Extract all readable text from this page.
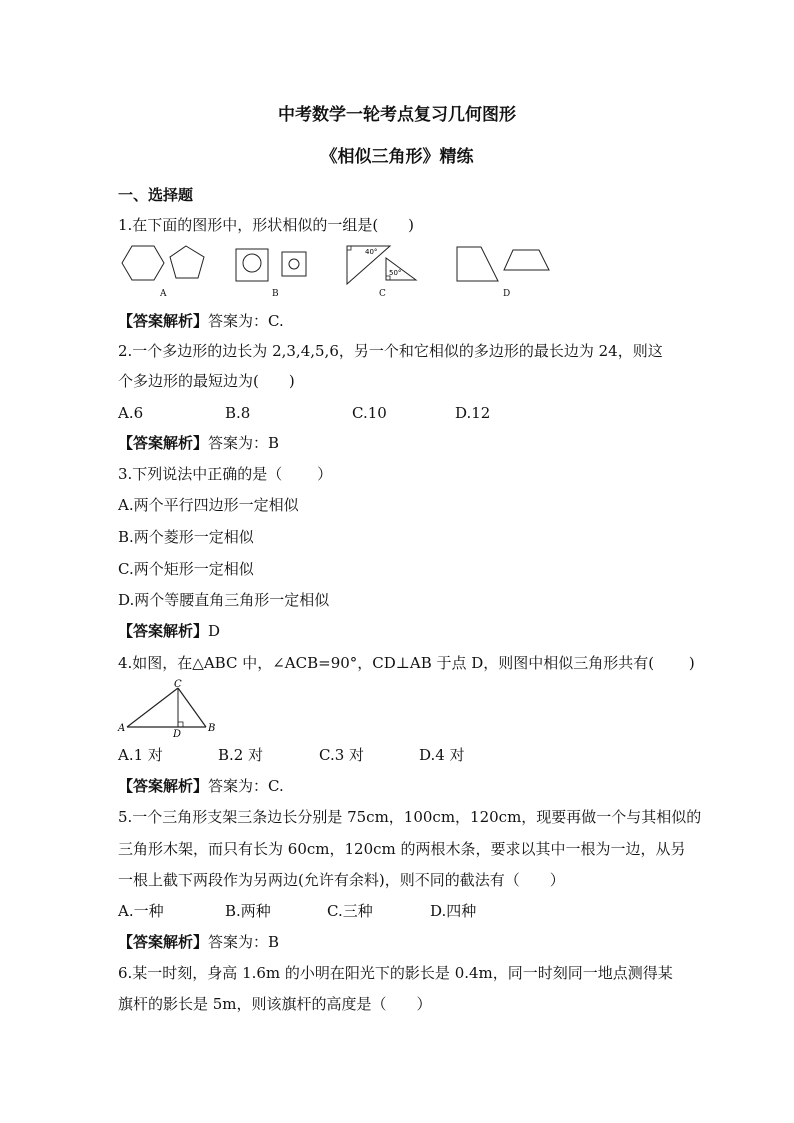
中考数学一轮考点复习几何图形
《相似三角形》精练
一、选择题
1.在下面的图形中，形状相似的一组是(　　)
40°
50°
A	B	C	D
【答案解析】答案为：C.
2.一个多边形的边长为 2,3,4,5,6，另一个和它相似的多边形的最长边为 24，则这
个多边形的最短边为(　　)
A.6	B.8	C.10	D.12
【答案解析】答案为：B
3.下列说法中正确的是（　　 ）
A.两个平行四边形一定相似
B.两个菱形一定相似
C.两个矩形一定相似
D.两个等腰直角三角形一定相似
【答案解析】D
4.如图，在△ABC 中，∠ACB=90°，CD⊥AB 于点 D，则图中相似三角形共有(　　 )
C
A
D
B
A.1 对	B.2 对	C.3 对	D.4 对
【答案解析】答案为：C.
5.一个三角形支架三条边长分别是 75cm，100cm，120cm，现要再做一个与其相似的
三角形木架，而只有长为 60cm，120cm 的两根木条，要求以其中一根为一边，从另
一根上截下两段作为另两边(允许有余料)，则不同的截法有（　　）
A.一种	B.两种	C.三种	D.四种
【答案解析】答案为：B
6.某一时刻，身高 1.6m 的小明在阳光下的影长是 0.4m，同一时刻同一地点测得某
旗杆的影长是 5m，则该旗杆的高度是（　　）
